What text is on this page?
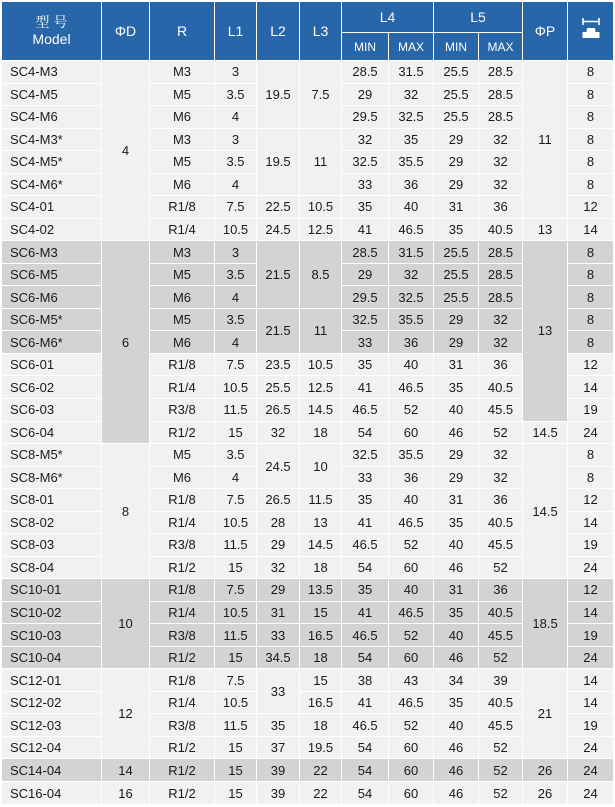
型 号
Model	ΦD	R	L1	L2	L3	L4		L5		ΦP	
						MIN	MAX	MIN	MAX		
SC4-M3	4	M3	3	19.5	7.5	28.5	31.5	25.5	28.5	11	8
SC4-M5		M5	3.5			29	32	25.5	28.5		8
SC4-M6		M6	4			29.5	32.5	25.5	28.5		8
SC4-M3*		M3	3	19.5	11	32	35	29	32		8
SC4-M5*		M5	3.5			32.5	35.5	29	32		8
SC4-M6*		M6	4			33	36	29	32		8
SC4-01		R1/8	7.5	22.5	10.5	35	40	31	36		12
SC4-02		R1/4	10.5	24.5	12.5	41	46.5	35	40.5	13	14
SC6-M3	6	M3	3	21.5	8.5	28.5	31.5	25.5	28.5	13	8
SC6-M5		M5	3.5			29	32	25.5	28.5		8
SC6-M6		M6	4			29.5	32.5	25.5	28.5		8
SC6-M5*		M5	3.5	21.5	11	32.5	35.5	29	32		8
SC6-M6*		M6	4			33	36	29	32		8
SC6-01		R1/8	7.5	23.5	10.5	35	40	31	36		12
SC6-02		R1/4	10.5	25.5	12.5	41	46.5	35	40.5		14
SC6-03		R3/8	11.5	26.5	14.5	46.5	52	40	45.5		19
SC6-04		R1/2	15	32	18	54	60	46	52	14.5	24
SC8-M5*	8	M5	3.5	24.5	10	32.5	35.5	29	32	14.5	8
SC8-M6*		M6	4			33	36	29	32		8
SC8-01		R1/8	7.5	26.5	11.5	35	40	31	36		12
SC8-02		R1/4	10.5	28	13	41	46.5	35	40.5		14
SC8-03		R3/8	11.5	29	14.5	46.5	52	40	45.5		19
SC8-04		R1/2	15	32	18	54	60	46	52		24
SC10-01	10	R1/8	7.5	29	13.5	35	40	31	36	18.5	12
SC10-02		R1/4	10.5	31	15	41	46.5	35	40.5		14
SC10-03		R3/8	11.5	33	16.5	46.5	52	40	45.5		19
SC10-04		R1/2	15	34.5	18	54	60	46	52		24
SC12-01	12	R1/8	7.5	33	15	38	43	34	39	21	14
SC12-02		R1/4	10.5		16.5	41	46.5	35	40.5		14
SC12-03		R3/8	11.5	35	18	46.5	52	40	45.5		19
SC12-04		R1/2	15	37	19.5	54	60	46	52		24
SC14-04	14	R1/2	15	39	22	54	60	46	52	26	24
SC16-04	16	R1/2	15	39	22	54	60	46	52	26	24
